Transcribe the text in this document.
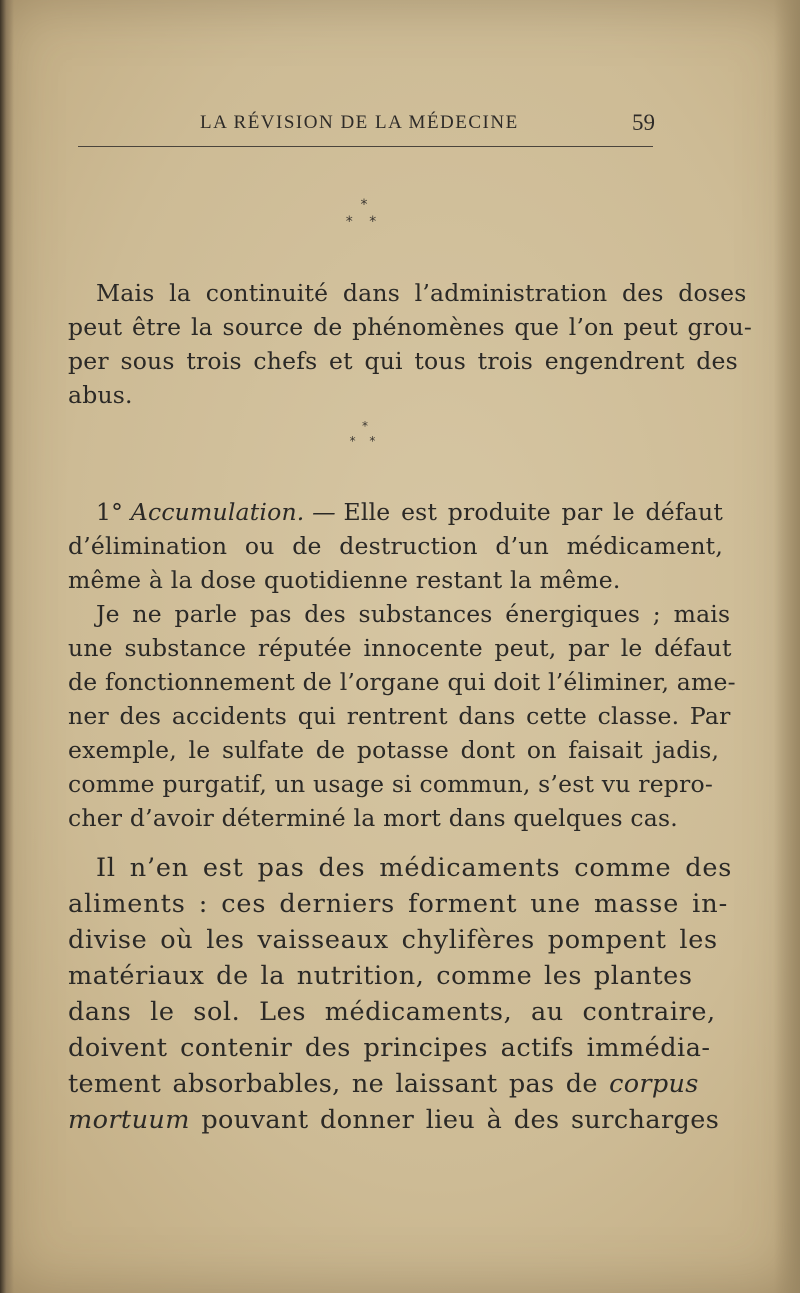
LA RÉVISION DE LA MÉDECINE	59
*
* *
Mais la continuité dans l’administration des doses
peut être la source de phénomènes que l’on peut grou-
per sous trois chefs et qui tous trois engendrent des
abus.
*
* *
1° Accumulation. — Elle est produite par le défaut
d’élimination ou de destruction d’un médicament,
même à la dose quotidienne restant la même.
Je ne parle pas des substances énergiques ; mais
une substance réputée innocente peut, par le défaut
de fonctionnement de l’organe qui doit l’éliminer, ame-
ner des accidents qui rentrent dans cette classe. Par
exemple, le sulfate de potasse dont on faisait jadis,
comme purgatif, un usage si commun, s’est vu repro-
cher d’avoir déterminé la mort dans quelques cas.
Il n’en est pas des médicaments comme des
aliments : ces derniers forment une masse in-
divise où les vaisseaux chylifères pompent les
matériaux de la nutrition, comme les plantes
dans le sol. Les médicaments, au contraire,
doivent contenir des principes actifs immédia-
tement absorbables, ne laissant pas de corpus
mortuum pouvant donner lieu à des surcharges
